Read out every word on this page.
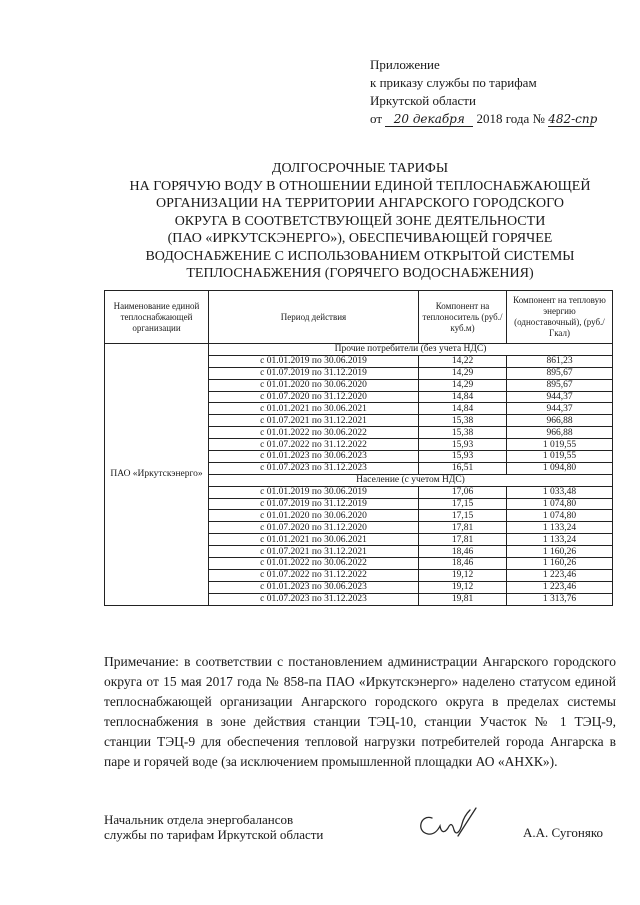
Приложение
к приказу службы по тарифам
Иркутской области
от 20 декабря 2018 года № 482-спр
ДОЛГОСРОЧНЫЕ ТАРИФЫ
НА ГОРЯЧУЮ ВОДУ В ОТНОШЕНИИ ЕДИНОЙ ТЕПЛОСНАБЖАЮЩЕЙ
ОРГАНИЗАЦИИ НА ТЕРРИТОРИИ АНГАРСКОГО ГОРОДСКОГО
ОКРУГА В СООТВЕТСТВУЮЩЕЙ ЗОНЕ ДЕЯТЕЛЬНОСТИ
(ПАО «ИРКУТСКЭНЕРГО»), ОБЕСПЕЧИВАЮЩЕЙ ГОРЯЧЕЕ
ВОДОСНАБЖЕНИЕ С ИСПОЛЬЗОВАНИЕМ ОТКРЫТОЙ СИСТЕМЫ
ТЕПЛОСНАБЖЕНИЯ (ГОРЯЧЕГО ВОДОСНАБЖЕНИЯ)
Наименование единой теплоснабжающей организации	Период действия	Компонент на теплоноситель (руб./куб.м)	Компонент на тепловую энергию (одноставочный), (руб./Гкал)
ПАО «Иркутскэнерго»	Прочие потребители (без учета НДС)		
	с 01.01.2019 по 30.06.2019	14,22	861,23
	с 01.07.2019 по 31.12.2019	14,29	895,67
	с 01.01.2020 по 30.06.2020	14,29	895,67
	с 01.07.2020 по 31.12.2020	14,84	944,37
	с 01.01.2021 по 30.06.2021	14,84	944,37
	с 01.07.2021 по 31.12.2021	15,38	966,88
	с 01.01.2022 по 30.06.2022	15,38	966,88
	с 01.07.2022 по 31.12.2022	15,93	1 019,55
	с 01.01.2023 по 30.06.2023	15,93	1 019,55
	с 01.07.2023 по 31.12.2023	16,51	1 094,80
	Население (с учетом НДС)		
	с 01.01.2019 по 30.06.2019	17,06	1 033,48
	с 01.07.2019 по 31.12.2019	17,15	1 074,80
	с 01.01.2020 по 30.06.2020	17,15	1 074,80
	с 01.07.2020 по 31.12.2020	17,81	1 133,24
	с 01.01.2021 по 30.06.2021	17,81	1 133,24
	с 01.07.2021 по 31.12.2021	18,46	1 160,26
	с 01.01.2022 по 30.06.2022	18,46	1 160,26
	с 01.07.2022 по 31.12.2022	19,12	1 223,46
	с 01.01.2023 по 30.06.2023	19,12	1 223,46
	с 01.07.2023 по 31.12.2023	19,81	1 313,76
Примечание: в соответствии с постановлением администрации Ангарского городского округа от 15 мая 2017 года № 858-па ПАО «Иркутскэнерго» наделено статусом единой теплоснабжающей организации Ангарского городского округа в пределах системы теплоснабжения в зоне действия станции ТЭЦ-10, станции Участок № 1 ТЭЦ-9, станции ТЭЦ-9 для обеспечения тепловой нагрузки потребителей города Ангарска в паре и горячей воде (за исключением промышленной площадки АО «АНХК»).
Начальник отдела энергобалансов
службы по тарифам Иркутской области	А.А. Сугоняко
